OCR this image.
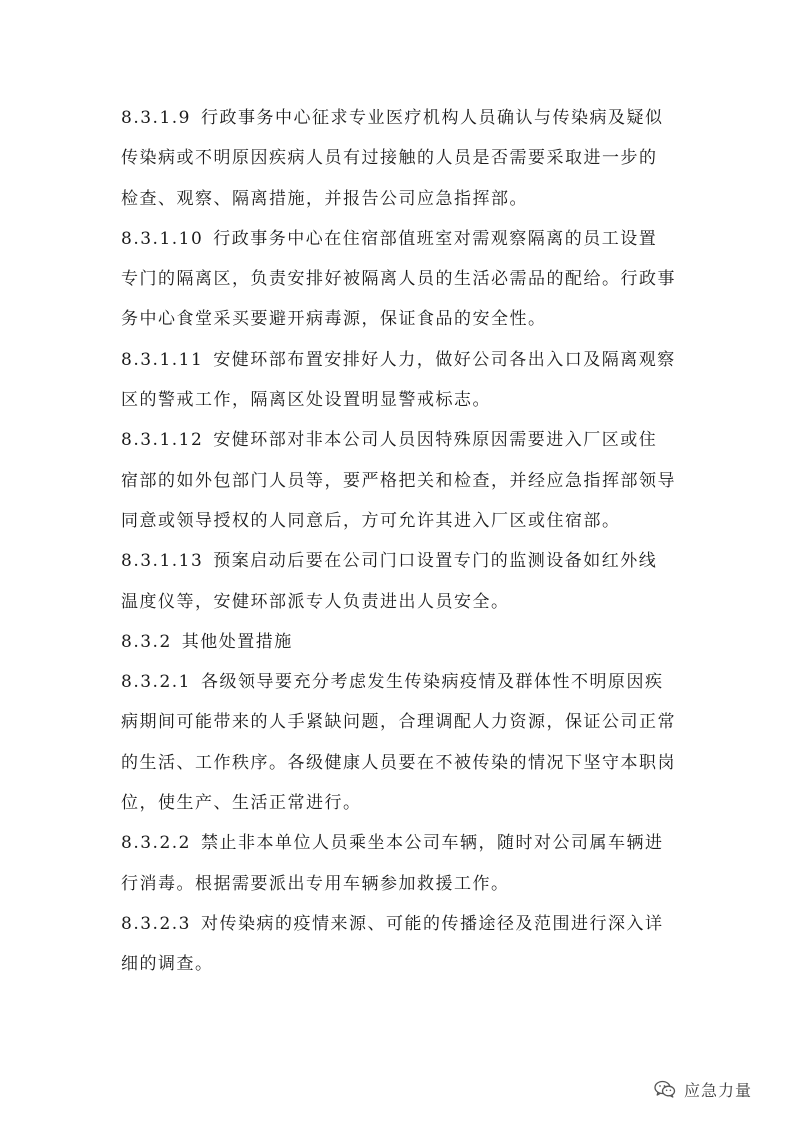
8.3.1.9 行政事务中心征求专业医疗机构人员确认与传染病及疑似
传染病或不明原因疾病人员有过接触的人员是否需要采取进一步的
检查、观察、隔离措施，并报告公司应急指挥部。

8.3.1.10 行政事务中心在住宿部值班室对需观察隔离的员工设置
专门的隔离区，负责安排好被隔离人员的生活必需品的配给。行政事
务中心食堂采买要避开病毒源，保证食品的安全性。

8.3.1.11 安健环部布置安排好人力，做好公司各出入口及隔离观察
区的警戒工作，隔离区处设置明显警戒标志。

8.3.1.12 安健环部对非本公司人员因特殊原因需要进入厂区或住
宿部的如外包部门人员等，要严格把关和检查，并经应急指挥部领导
同意或领导授权的人同意后，方可允许其进入厂区或住宿部。

8.3.1.13 预案启动后要在公司门口设置专门的监测设备如红外线
温度仪等，安健环部派专人负责进出人员安全。

8.3.2 其他处置措施

8.3.2.1 各级领导要充分考虑发生传染病疫情及群体性不明原因疾
病期间可能带来的人手紧缺问题，合理调配人力资源，保证公司正常
的生活、工作秩序。各级健康人员要在不被传染的情况下坚守本职岗
位，使生产、生活正常进行。

8.3.2.2 禁止非本单位人员乘坐本公司车辆，随时对公司属车辆进
行消毒。根据需要派出专用车辆参加救援工作。

8.3.2.3 对传染病的疫情来源、可能的传播途径及范围进行深入详
细的调查。

应急力量
